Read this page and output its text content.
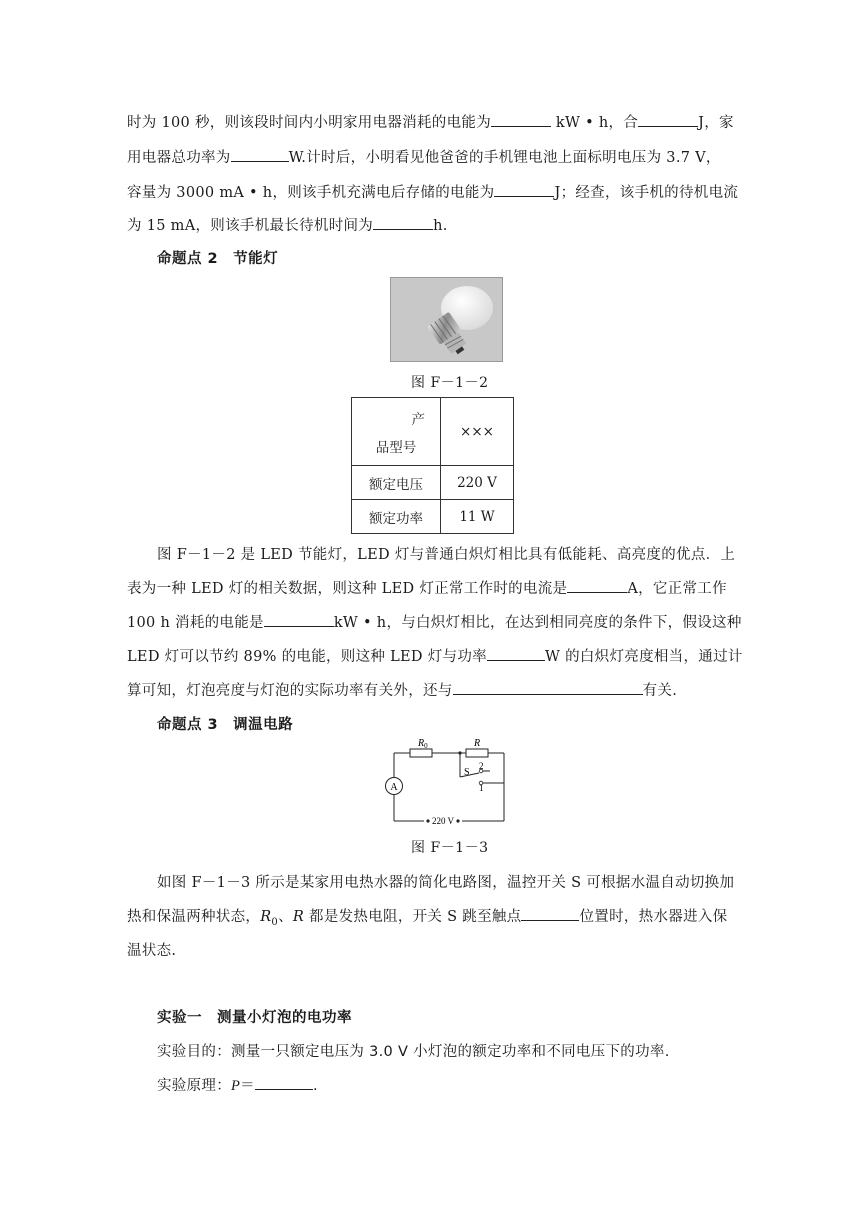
时为 100 秒，则该段时间内小明家用电器消耗的电能为	kW • h，合	J，家
用电器总功率为	W.计时后，小明看见他爸爸的手机锂电池上面标明电压为 3.7 V，
容量为 3000 mA • h，则该手机充满电后存储的电能为	J；经查，该手机的待机电流
为 15 mA，则该手机最长待机时间为	h.
命题点 2　节能灯
图 F－1－2
产
品型号	×××
额定电压	220 V
额定功率	11 W
图 F－1－2 是 LED 节能灯，LED 灯与普通白炽灯相比具有低能耗、高亮度的优点．上
表为一种 LED 灯的相关数据，则这种 LED 灯正常工作时的电流是	A，它正常工作
100 h 消耗的电能是	kW • h，与白炽灯相比，在达到相同亮度的条件下，假设这种
LED 灯可以节约 89% 的电能，则这种 LED 灯与功率	W 的白炽灯亮度相当，通过计
算可知，灯泡亮度与灯泡的实际功率有关外，还与	有关.
命题点 3　调温电路
A
$R_0$	R
S
2
1
220 V
图 F－1－3
如图 F－1－3 所示是某家用电热水器的简化电路图，温控开关 S 可根据水温自动切换加
热和保温两种状态，$R_0$、R 都是发热电阻，开关 S 跳至触点	位置时，热水器进入保
温状态.
实验一　测量小灯泡的电功率
实验目的：测量一只额定电压为 3.0 V 小灯泡的额定功率和不同电压下的功率.
实验原理：P＝	.
